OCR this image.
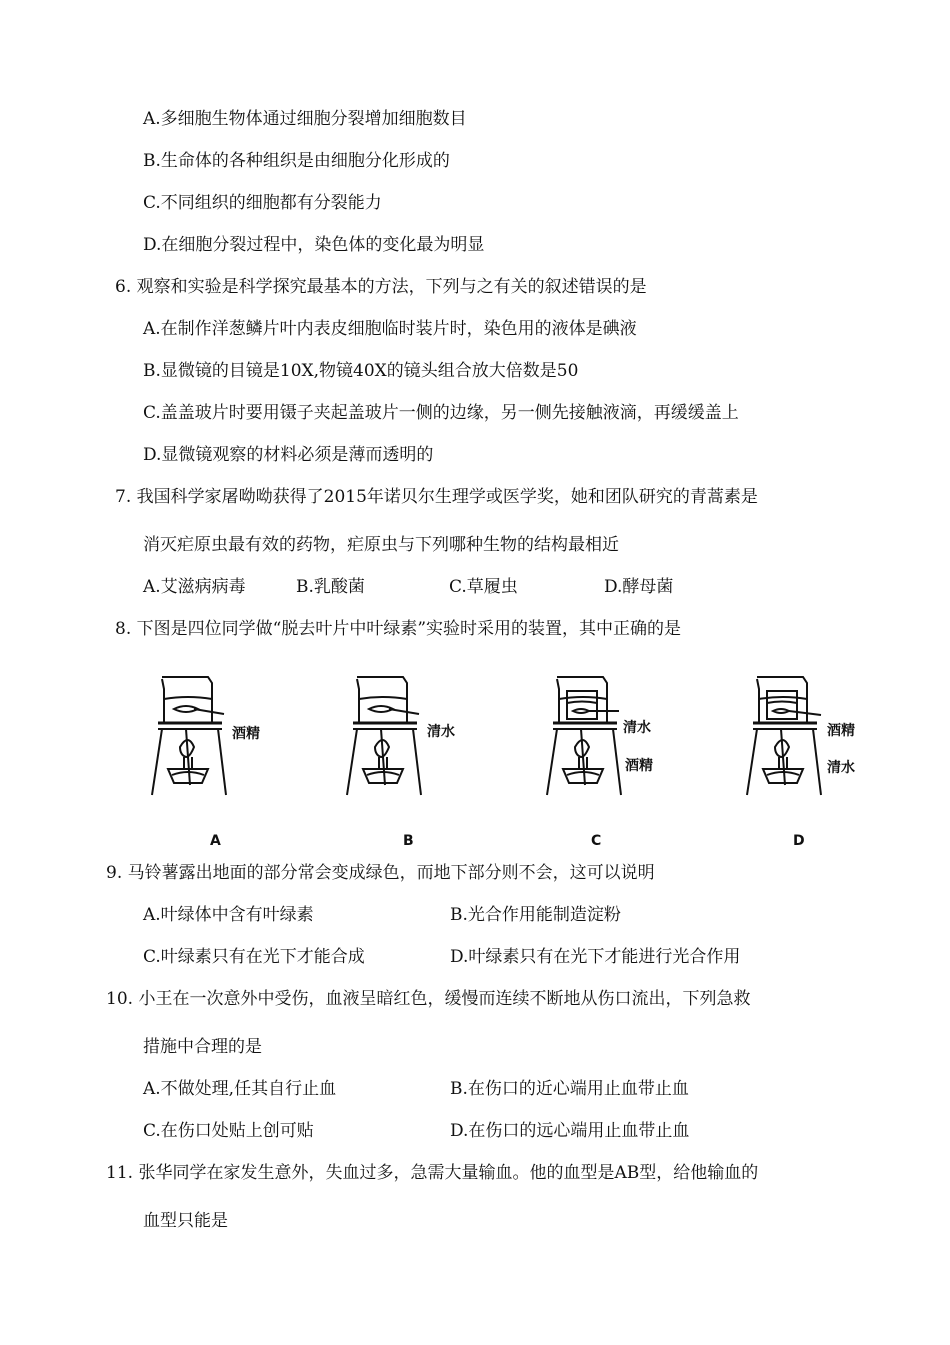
A.多细胞生物体通过细胞分裂增加细胞数目
B.生命体的各种组织是由细胞分化形成的
C.不同组织的细胞都有分裂能力
D.在细胞分裂过程中，染色体的变化最为明显
6. 观察和实验是科学探究最基本的方法，下列与之有关的叙述错误的是
A.在制作洋葱鳞片叶内表皮细胞临时装片时，染色用的液体是碘液
B.显微镜的目镜是10X,物镜40X的镜头组合放大倍数是50
C.盖盖玻片时要用镊子夹起盖玻片一侧的边缘，另一侧先接触液滴，再缓缓盖上
D.显微镜观察的材料必须是薄而透明的
7. 我国科学家屠呦呦获得了2015年诺贝尔生理学或医学奖，她和团队研究的青蒿素是
消灭疟原虫最有效的药物，疟原虫与下列哪种生物的结构最相近
A.艾滋病病毒	B.乳酸菌	C.草履虫	D.酵母菌
8. 下图是四位同学做“脱去叶片中叶绿素”实验时采用的装置，其中正确的是
酒精
A
清水
B
清水
酒精
C
酒精
清水
D
9. 马铃薯露出地面的部分常会变成绿色，而地下部分则不会，这可以说明
A.叶绿体中含有叶绿素	B.光合作用能制造淀粉
C.叶绿素只有在光下才能合成	D.叶绿素只有在光下才能进行光合作用
10. 小王在一次意外中受伤，血液呈暗红色，缓慢而连续不断地从伤口流出，下列急救
措施中合理的是
A.不做处理,任其自行止血	B.在伤口的近心端用止血带止血
C.在伤口处贴上创可贴	D.在伤口的远心端用止血带止血
11. 张华同学在家发生意外，失血过多，急需大量输血。他的血型是AB型，给他输血的
血型只能是
